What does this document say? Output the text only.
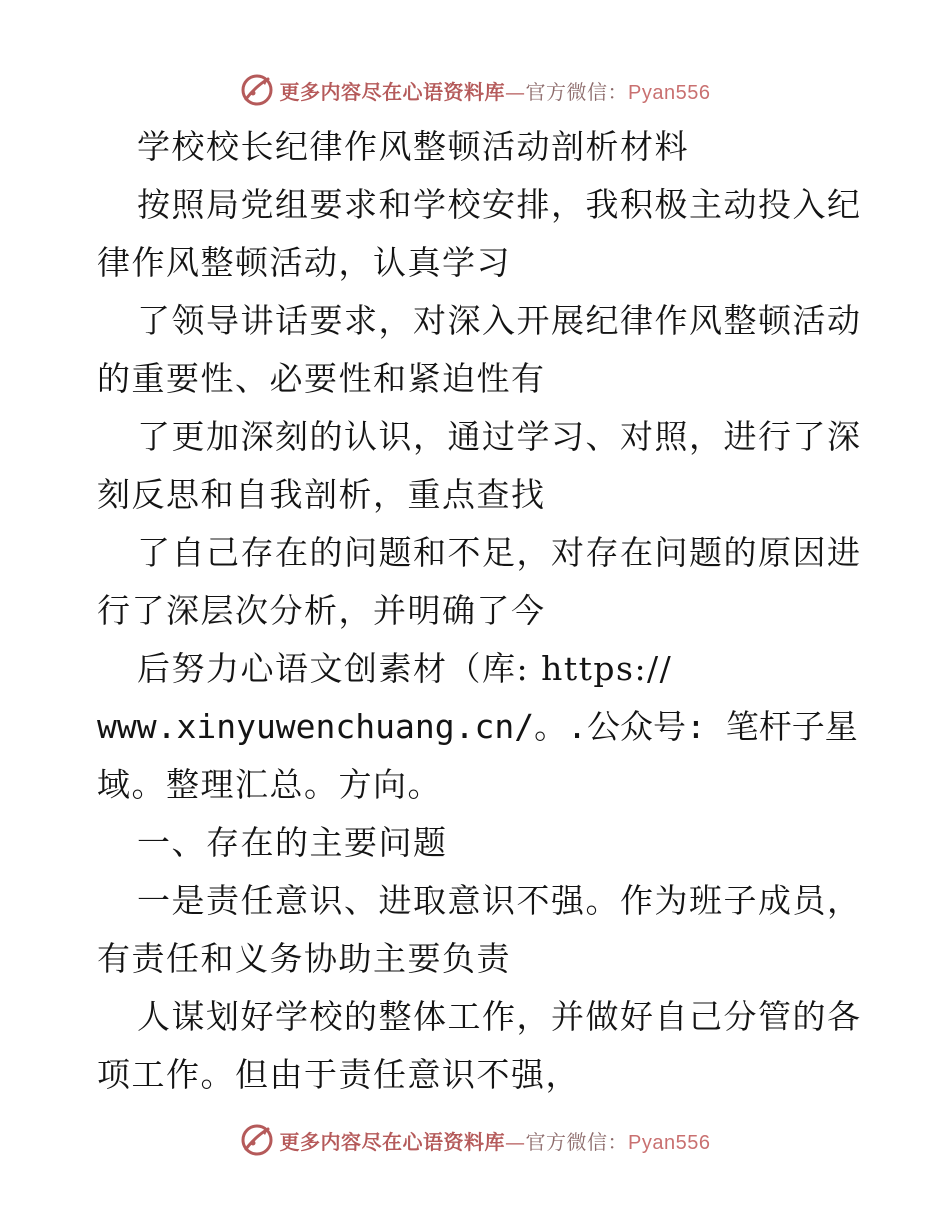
更多内容尽在心语资料库—官方微信：Pyan556
学校校长纪律作风整顿活动剖析材料
按照局党组要求和学校安排，我积极主动投入纪
律作风整顿活动，认真学习
了领导讲话要求，对深入开展纪律作风整顿活动
的重要性、必要性和紧迫性有
了更加深刻的认识，通过学习、对照，进行了深
刻反思和自我剖析，重点查找
了自己存在的问题和不足，对存在问题的原因进
行了深层次分析，并明确了今
后努力心语文创素材（库: https://
www.xinyuwenchuang.cn/。.公众号: 笔杆子星
域。整理汇总。方向。
一、存在的主要问题
一是责任意识、进取意识不强。作为班子成员，
有责任和义务协助主要负责
人谋划好学校的整体工作，并做好自己分管的各
项工作。但由于责任意识不强，
更多内容尽在心语资料库—官方微信：Pyan556
